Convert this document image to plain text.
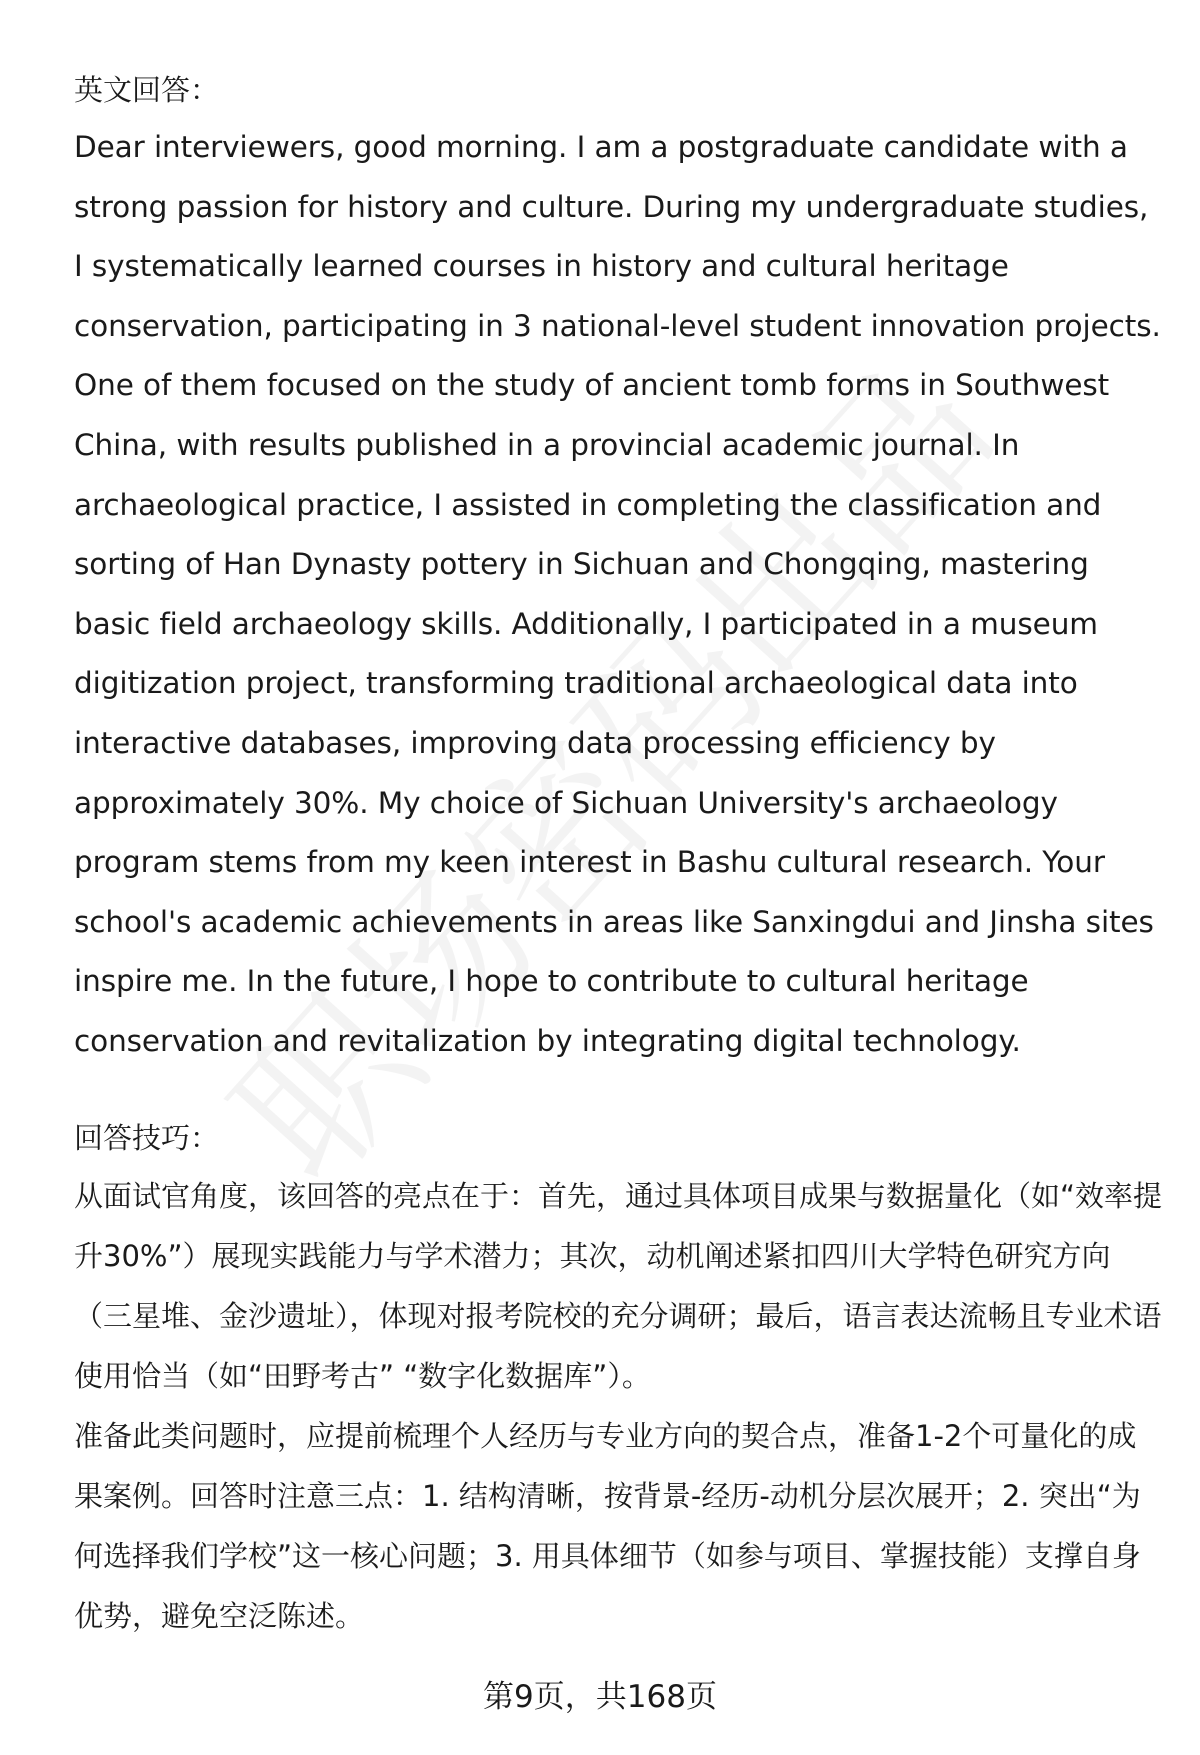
英文回答：

Dear interviewers, good morning. I am a postgraduate candidate with a strong passion for history and culture. During my undergraduate studies, I systematically learned courses in history and cultural heritage conservation, participating in 3 national-level student innovation projects. One of them focused on the study of ancient tomb forms in Southwest China, with results published in a provincial academic journal. In archaeological practice, I assisted in completing the classification and sorting of Han Dynasty pottery in Sichuan and Chongqing, mastering basic field archaeology skills. Additionally, I participated in a museum digitization project, transforming traditional archaeological data into interactive databases, improving data processing efficiency by approximately 30%. My choice of Sichuan University's archaeology program stems from my keen interest in Bashu cultural research. Your school's academic achievements in areas like Sanxingdui and Jinsha sites inspire me. In the future, I hope to contribute to cultural heritage conservation and revitalization by integrating digital technology.

回答技巧：

从面试官角度，该回答的亮点在于：首先，通过具体项目成果与数据量化（如“效率提升30%”）展现实践能力与学术潜力；其次，动机阐述紧扣四川大学特色研究方向（三星堆、金沙遗址），体现对报考院校的充分调研；最后，语言表达流畅且专业术语使用恰当（如“田野考古” “数字化数据库”）。

准备此类问题时，应提前梳理个人经历与专业方向的契合点，准备1-2个可量化的成果案例。回答时注意三点：1. 结构清晰，按背景-经历-动机分层次展开；2. 突出“为何选择我们学校”这一核心问题；3. 用具体细节（如参与项目、掌握技能）支撑自身优势，避免空泛陈述。

第9页，共168页
